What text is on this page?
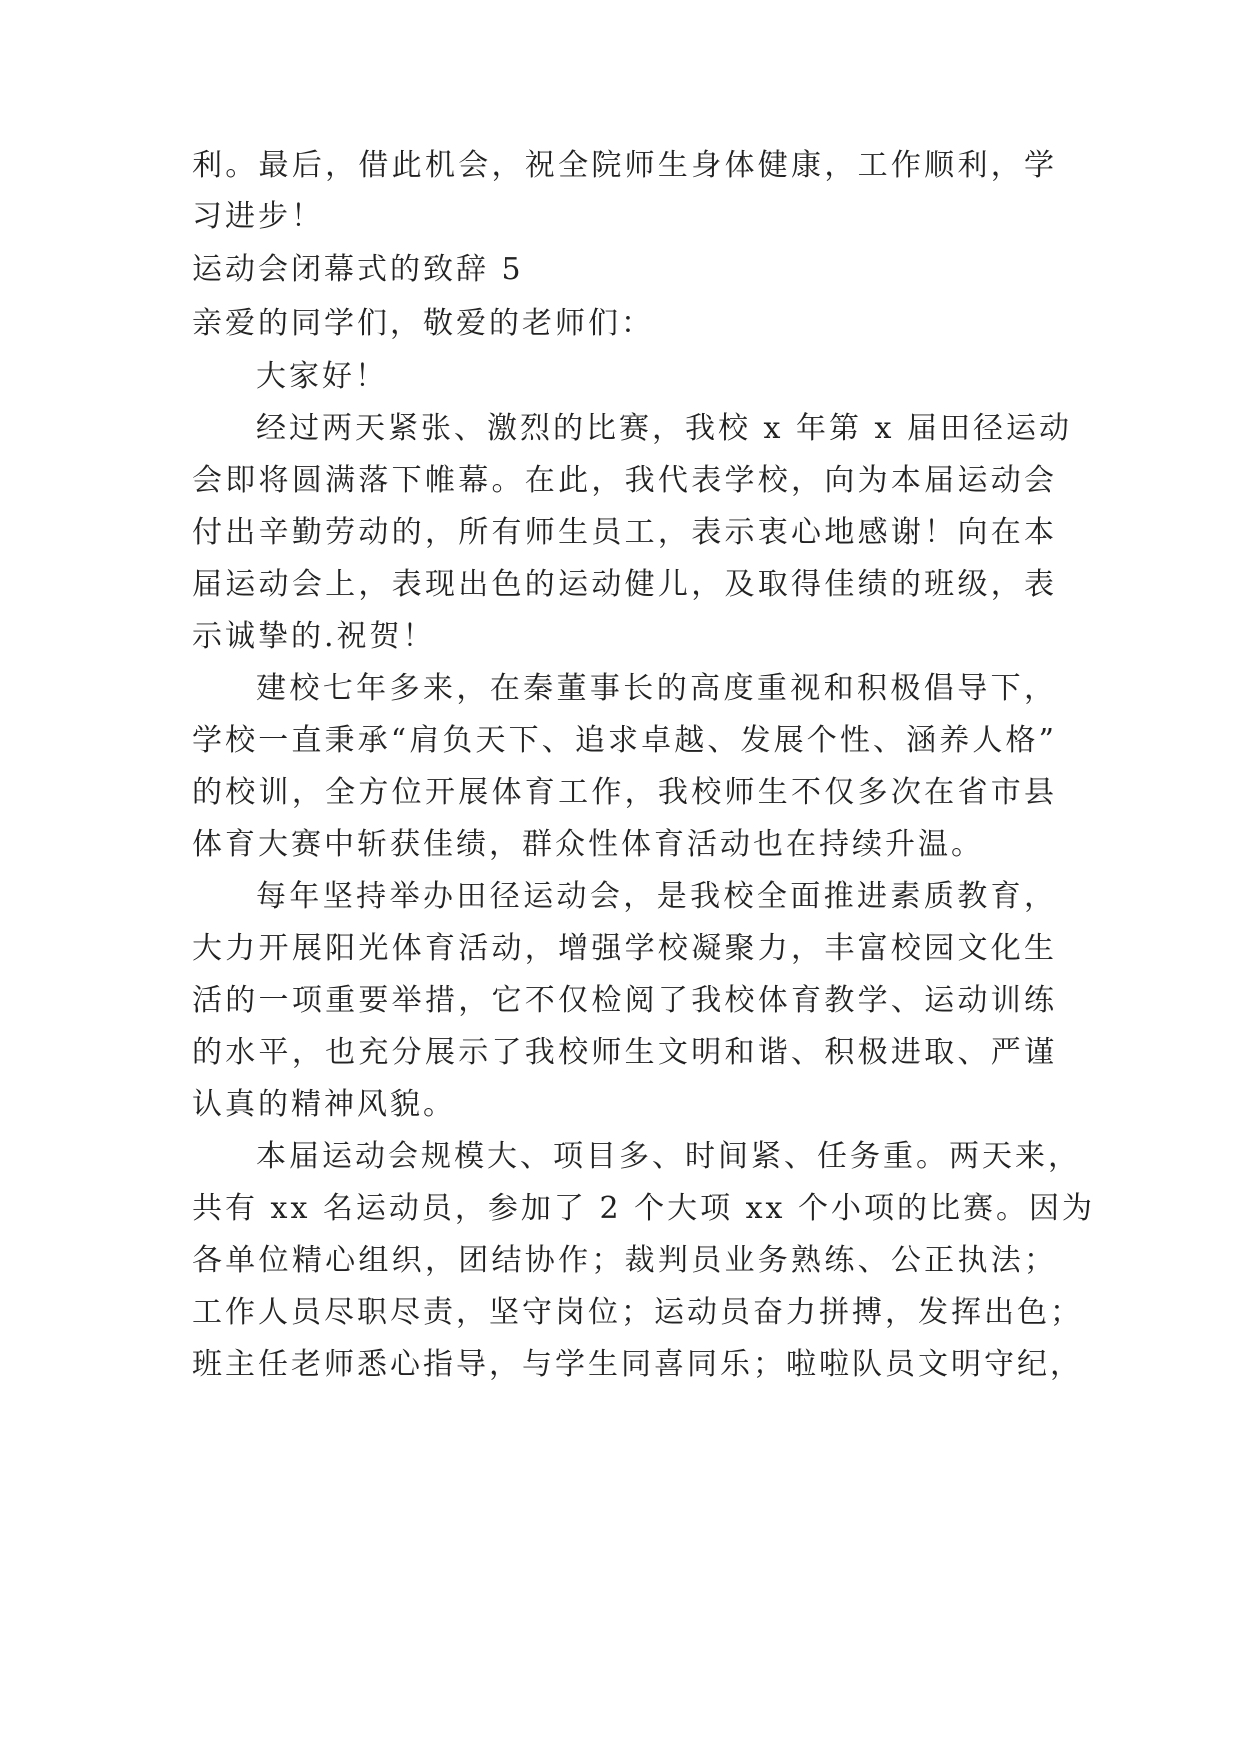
利。最后，借此机会，祝全院师生身体健康，工作顺利，学
习进步！
运动会闭幕式的致辞 5
亲爱的同学们，敬爱的老师们：
大家好！
经过两天紧张、激烈的比赛，我校 x 年第 x 届田径运动
会即将圆满落下帷幕。在此，我代表学校，向为本届运动会
付出辛勤劳动的，所有师生员工，表示衷心地感谢！向在本
届运动会上，表现出色的运动健儿，及取得佳绩的班级，表
示诚挚的.祝贺！
建校七年多来，在秦董事长的高度重视和积极倡导下，
学校一直秉承“肩负天下、追求卓越、发展个性、涵养人格”
的校训，全方位开展体育工作，我校师生不仅多次在省市县
体育大赛中斩获佳绩，群众性体育活动也在持续升温。
每年坚持举办田径运动会，是我校全面推进素质教育，
大力开展阳光体育活动，增强学校凝聚力，丰富校园文化生
活的一项重要举措，它不仅检阅了我校体育教学、运动训练
的水平，也充分展示了我校师生文明和谐、积极进取、严谨
认真的精神风貌。
本届运动会规模大、项目多、时间紧、任务重。两天来，
共有 xx 名运动员，参加了 2 个大项 xx 个小项的比赛。因为
各单位精心组织，团结协作；裁判员业务熟练、公正执法；
工作人员尽职尽责，坚守岗位；运动员奋力拼搏，发挥出色；
班主任老师悉心指导，与学生同喜同乐；啦啦队员文明守纪，
